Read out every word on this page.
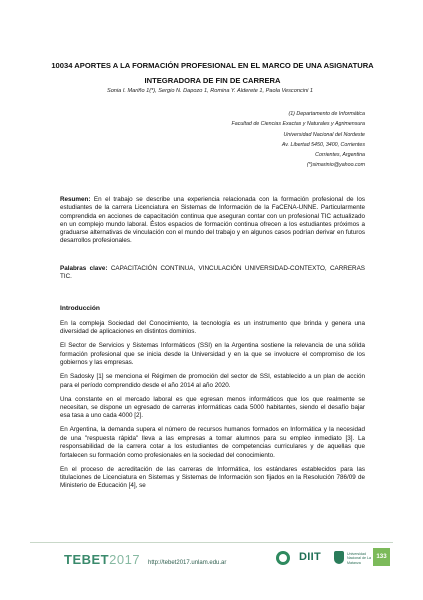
10034 APORTES A LA FORMACIÓN PROFESIONAL EN EL MARCO DE UNA ASIGNATURA INTEGRADORA DE FIN DE CARRERA
Sonia I. Mariño 1(*), Sergio N. Dapozo 1, Romina Y. Alderete 1, Paola Vesconcini 1
(1) Departamento de Informática
Facultad de Ciencias Exactas y Naturales y Agrimensura
Universidad Nacional del Nordeste
Av. Libertad 5450, 3400, Corrientes
Corrientes, Argentina
(*)simarinio@yahoo.com
Resumen: En el trabajo se describe una experiencia relacionada con la formación profesional de los estudiantes de la carrera Licenciatura en Sistemas de Información de la FaCENA-UNNE. Particularmente comprendida en acciones de capacitación continua que aseguran contar con un profesional TIC actualizado en un complejo mundo laboral. Éstos espacios de formación continua ofrecen a los estudiantes próximos a graduarse alternativas de vinculación con el mundo del trabajo y en algunos casos podrían derivar en futuros desarrollos profesionales.
Palabras clave: CAPACITACIÓN CONTINUA, VINCULACIÓN UNIVERSIDAD-CONTEXTO, CARRERAS TIC.
Introducción

En la compleja Sociedad del Conocimiento, la tecnología es un instrumento que brinda y genera una diversidad de aplicaciones en distintos dominios.

El Sector de Servicios y Sistemas Informáticos (SSI) en la Argentina sostiene la relevancia de una sólida formación profesional que se inicia desde la Universidad y en la que se involucre el compromiso de los gobiernos y las empresas.

En Sadosky [1] se menciona el Régimen de promoción del sector de SSI, establecido a un plan de acción para el período comprendido desde el año 2014 al año 2020.

Una constante en el mercado laboral es que egresan menos informáticos que los que realmente se necesitan, se dispone un egresado de carreras informáticas cada 5000 habitantes, siendo el desafío bajar esa tasa a uno cada 4000 [2].

En Argentina, la demanda supera el número de recursos humanos formados en Informática y la necesidad de una "respuesta rápida" lleva a las empresas a tomar alumnos para su empleo inmediato [3]. La responsabilidad de la carrera cotar a los estudiantes de competencias curriculares y de aquellas que fortalecen su formación como profesionales en la sociedad del conocimiento.

En el proceso de acreditación de las carreras de Informática, los estándares establecidos para las titulaciones de Licenciatura en Sistemas y Sistemas de Información son fijados en la Resolución 786/09 de Ministerio de Educación [4], se

TEBET2017 http://tebet2017.unlam.edu.ar	DIIT	Universidad Nacional de La Matanza
133
